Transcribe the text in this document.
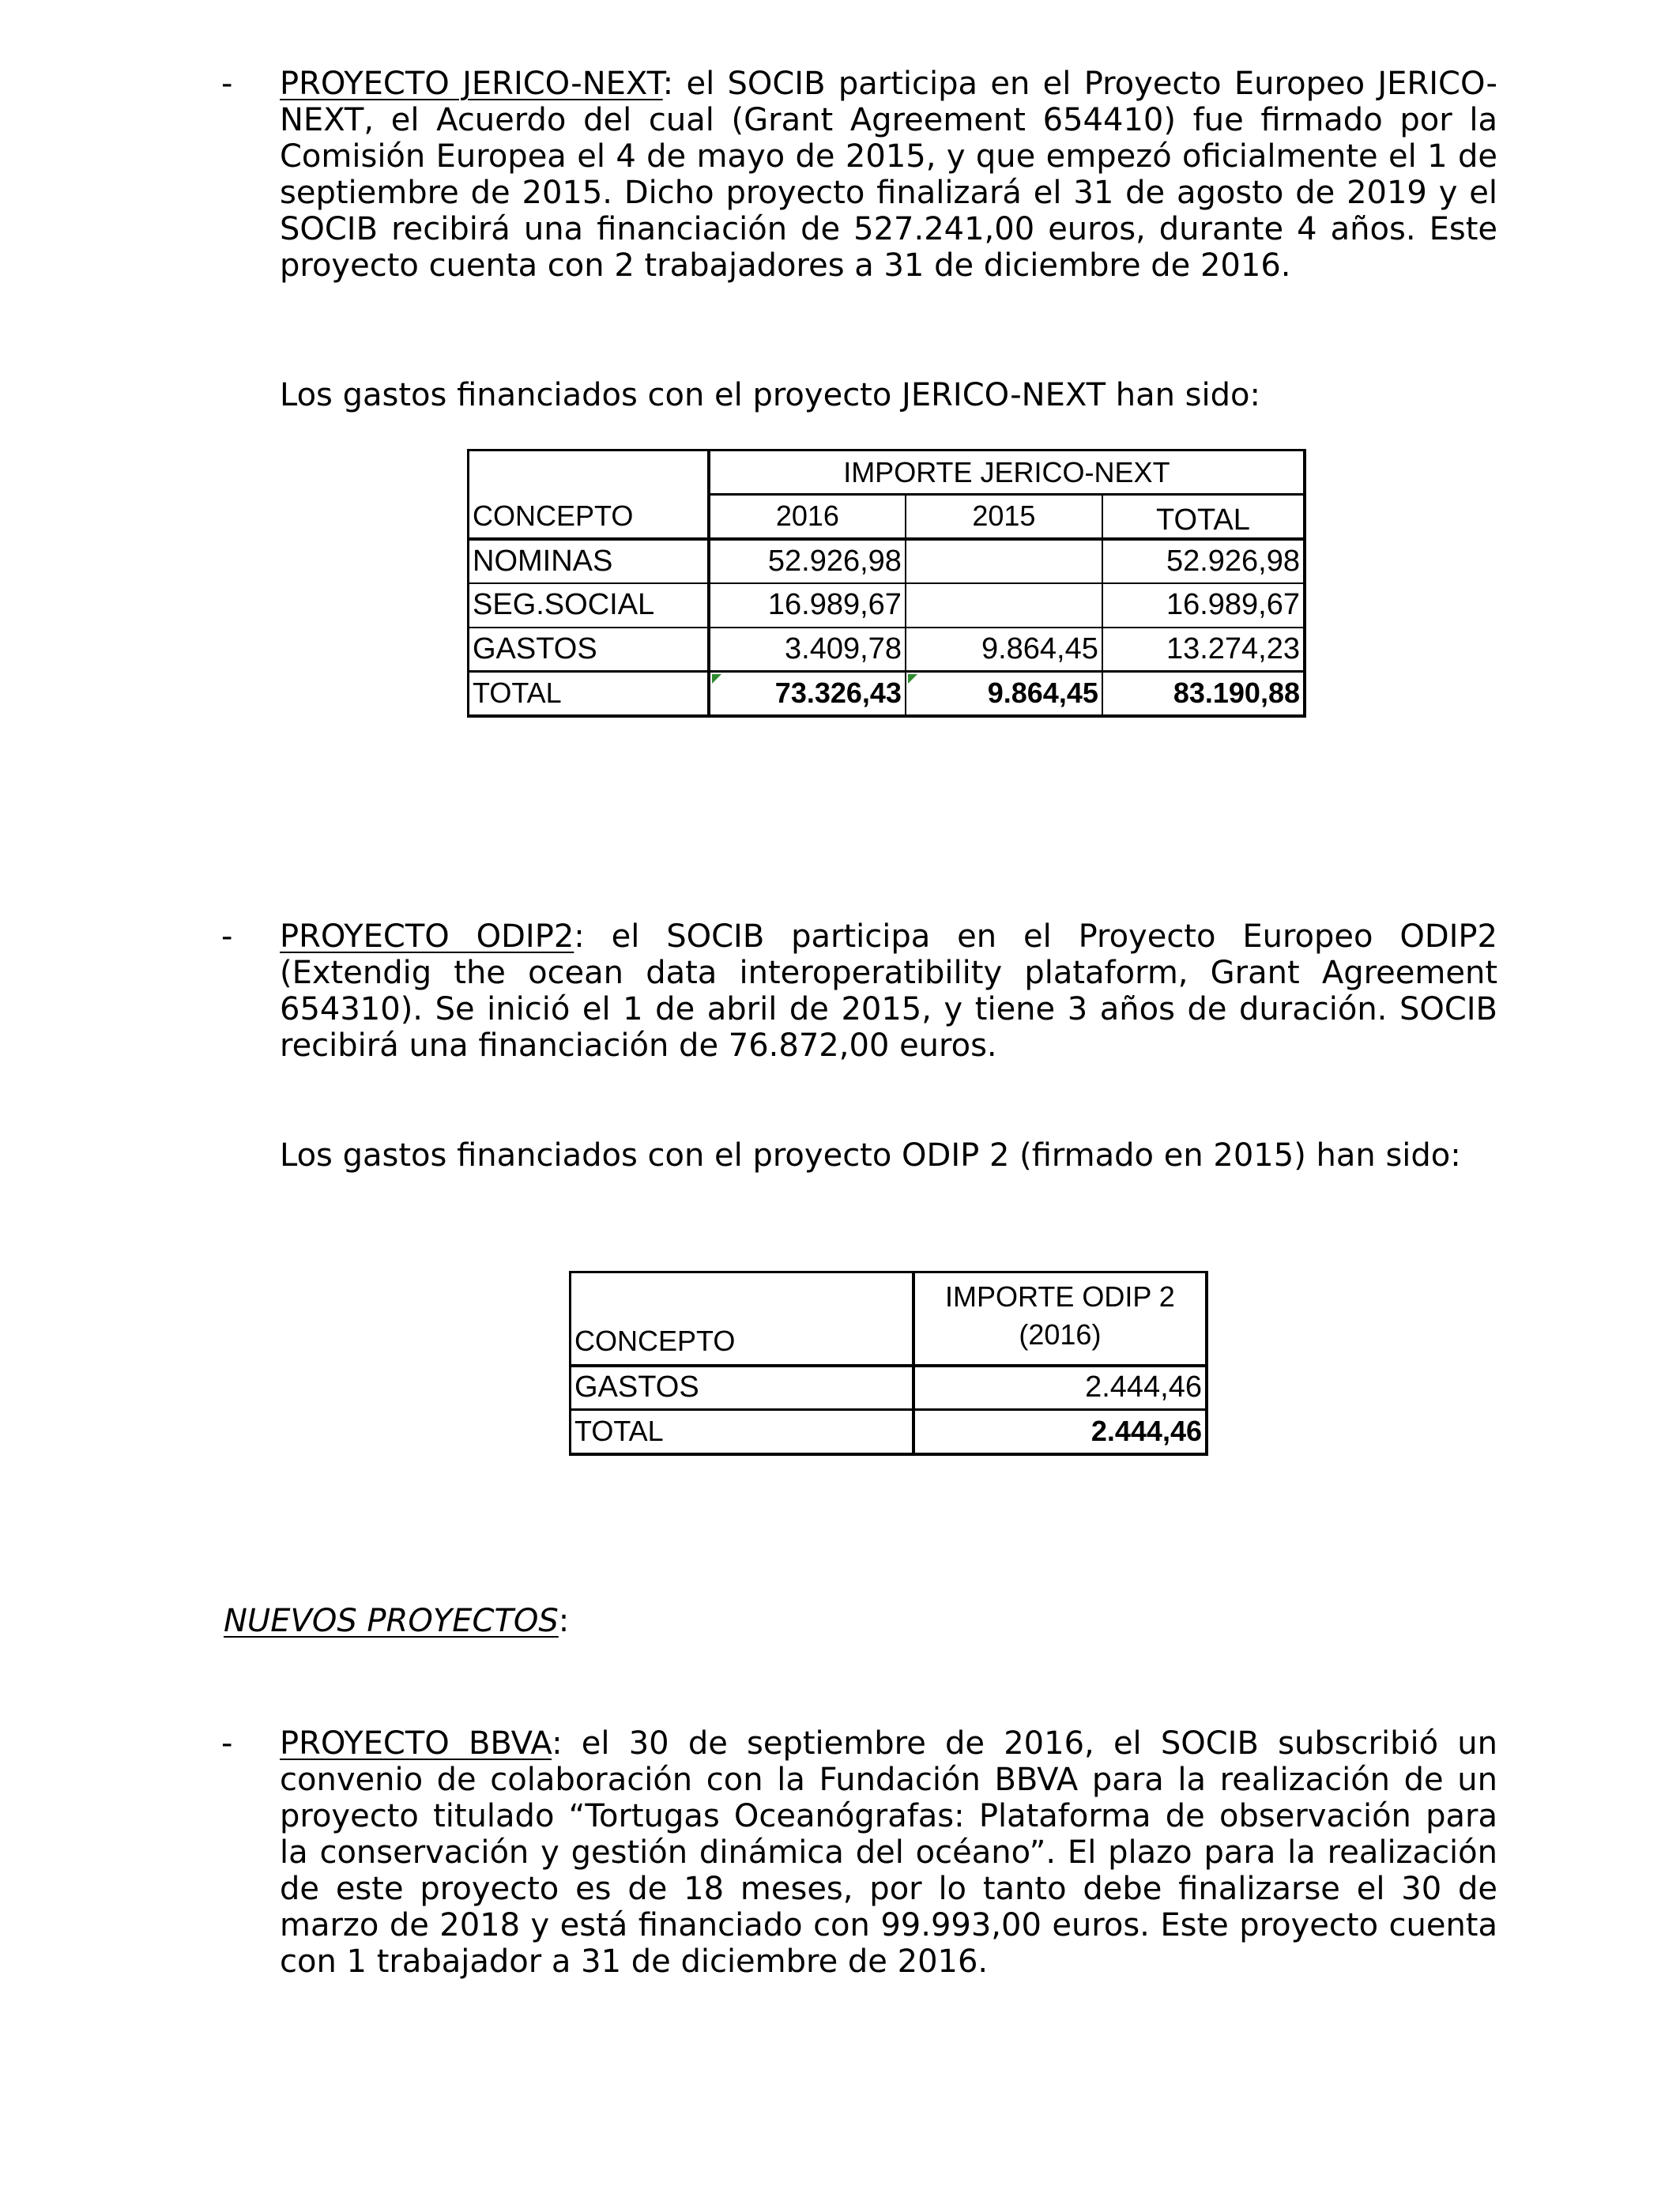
- PROYECTO JERICO-NEXT: el SOCIB participa en el Proyecto Europeo JERICO-NEXT, el Acuerdo del cual (Grant Agreement 654410) fue firmado por la Comisión Europea el 4 de mayo de 2015, y que empezó oficialmente el 1 de septiembre de 2015. Dicho proyecto finalizará el 31 de agosto de 2019 y el SOCIB recibirá una financiación de 527.241,00 euros, durante 4 años. Este proyecto cuenta con 2 trabajadores a 31 de diciembre de 2016.

Los gastos financiados con el proyecto JERICO-NEXT han sido:

CONCEPTO	IMPORTE JERICO-NEXT		
	2016	2015	TOTAL
NOMINAS	52.926,98		52.926,98
SEG.SOCIAL	16.989,67		16.989,67
GASTOS	3.409,78	9.864,45	13.274,23
TOTAL	73.326,43	9.864,45	83.190,88
- PROYECTO ODIP2: el SOCIB participa en el Proyecto Europeo ODIP2 (Extendig the ocean data interoperatibility plataform, Grant Agreement 654310). Se inició el 1 de abril de 2015, y tiene 3 años de duración. SOCIB recibirá una financiación de 76.872,00 euros.

Los gastos financiados con el proyecto ODIP 2 (firmado en 2015) han sido:

CONCEPTO	IMPORTE ODIP 2
(2016)

GASTOS	2.444,46
TOTAL	2.444,46

NUEVOS PROYECTOS:

- PROYECTO BBVA: el 30 de septiembre de 2016, el SOCIB subscribió un convenio de colaboración con la Fundación BBVA para la realización de un proyecto titulado “Tortugas Oceanógrafas: Plataforma de observación para la conservación y gestión dinámica del océano”. El plazo para la realización de este proyecto es de 18 meses, por lo tanto debe finalizarse el 30 de marzo de 2018 y está financiado con 99.993,00 euros. Este proyecto cuenta con 1 trabajador a 31 de diciembre de 2016.
